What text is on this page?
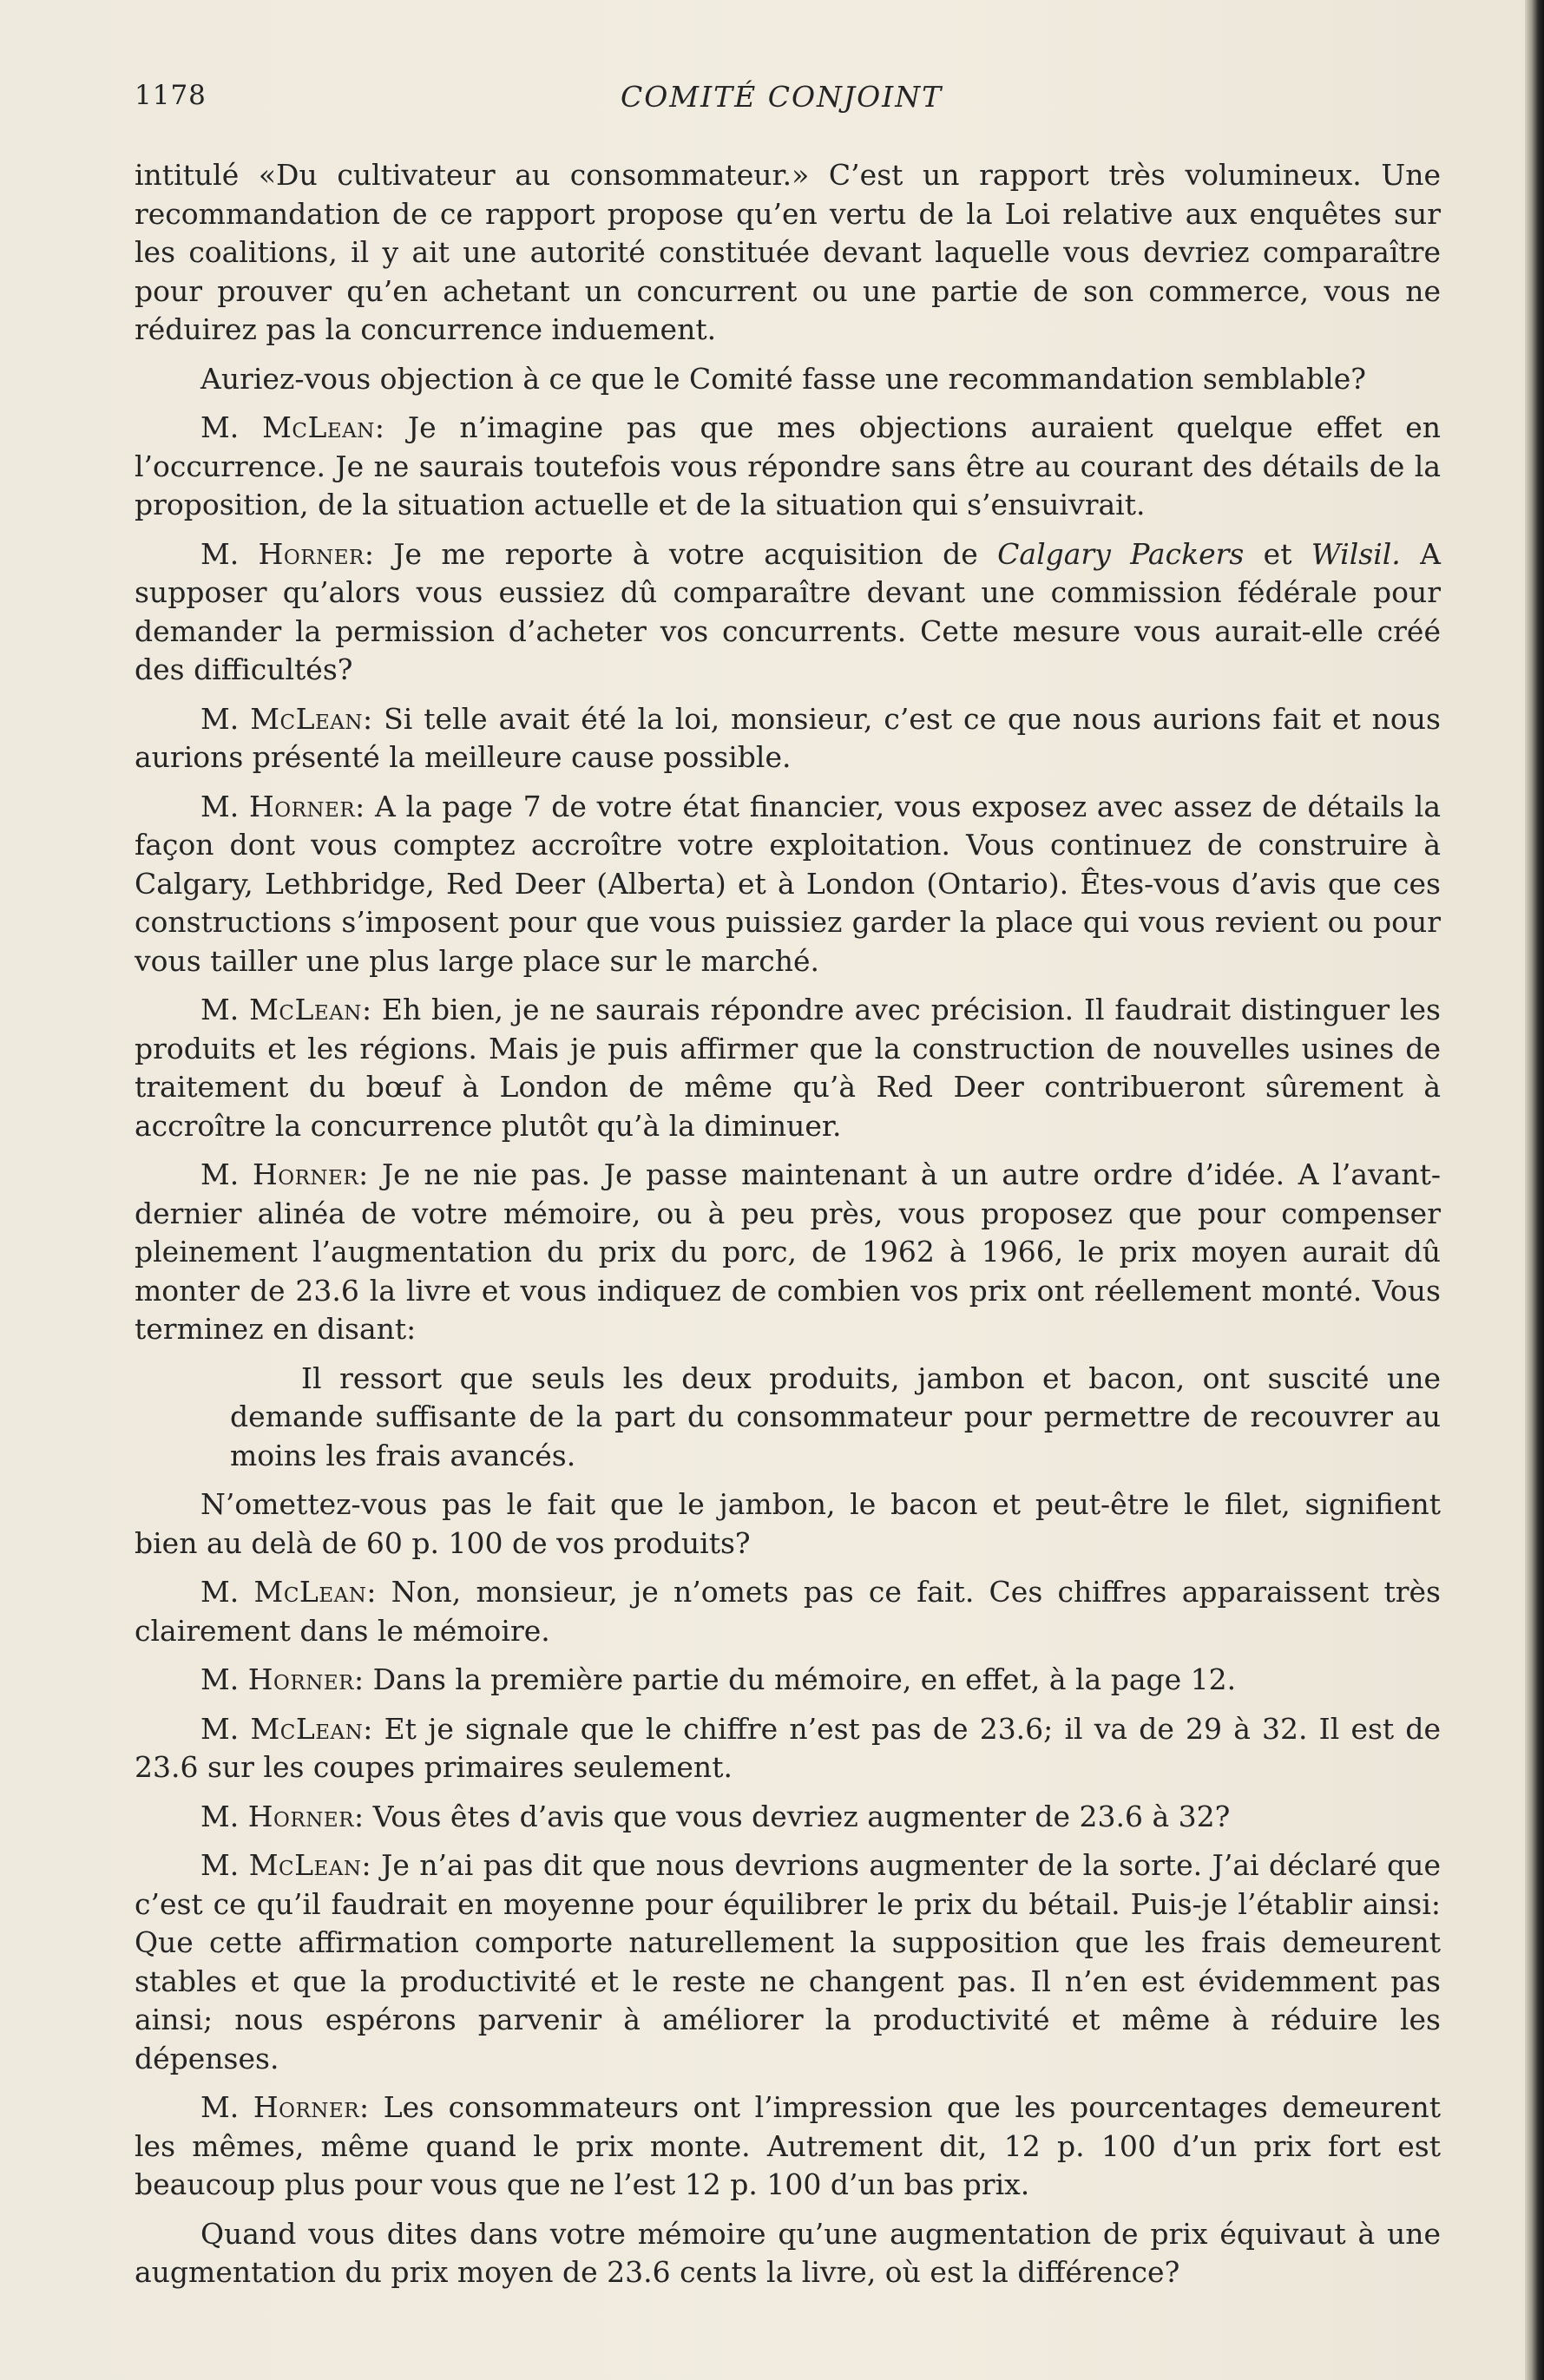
1178	COMITÉ CONJOINT

intitulé «Du cultivateur au consommateur.» C’est un rapport très volumineux. Une recommandation de ce rapport propose qu’en vertu de la Loi relative aux enquêtes sur les coalitions, il y ait une autorité constituée devant laquelle vous devriez comparaître pour prouver qu’en achetant un concurrent ou une partie de son commerce, vous ne réduirez pas la concurrence induement.

Auriez-vous objection à ce que le Comité fasse une recommandation semblable?

M. McLean: Je n’imagine pas que mes objections auraient quelque effet en l’occurrence. Je ne saurais toutefois vous répondre sans être au courant des détails de la proposition, de la situation actuelle et de la situation qui s’ensuivrait.

M. Horner: Je me reporte à votre acquisition de Calgary Packers et Wilsil. A supposer qu’alors vous eussiez dû comparaître devant une commission fédérale pour demander la permission d’acheter vos concurrents. Cette mesure vous aurait-elle créé des difficultés?

M. McLean: Si telle avait été la loi, monsieur, c’est ce que nous aurions fait et nous aurions présenté la meilleure cause possible.

M. Horner: A la page 7 de votre état financier, vous exposez avec assez de détails la façon dont vous comptez accroître votre exploitation. Vous continuez de construire à Calgary, Lethbridge, Red Deer (Alberta) et à London (Ontario). Êtes-vous d’avis que ces constructions s’imposent pour que vous puissiez garder la place qui vous revient ou pour vous tailler une plus large place sur le marché.

M. McLean: Eh bien, je ne saurais répondre avec précision. Il faudrait distinguer les produits et les régions. Mais je puis affirmer que la construction de nouvelles usines de traitement du bœuf à London de même qu’à Red Deer contribueront sûrement à accroître la concurrence plutôt qu’à la diminuer.

M. Horner: Je ne nie pas. Je passe maintenant à un autre ordre d’idée. A l’avant-dernier alinéa de votre mémoire, ou à peu près, vous proposez que pour compenser pleinement l’augmentation du prix du porc, de 1962 à 1966, le prix moyen aurait dû monter de 23.6 la livre et vous indiquez de combien vos prix ont réellement monté. Vous terminez en disant:

Il ressort que seuls les deux produits, jambon et bacon, ont suscité une demande suffisante de la part du consommateur pour permettre de recouvrer au moins les frais avancés.

N’omettez-vous pas le fait que le jambon, le bacon et peut-être le filet, signifient bien au delà de 60 p. 100 de vos produits?

M. McLean: Non, monsieur, je n’omets pas ce fait. Ces chiffres apparaissent très clairement dans le mémoire.

M. Horner: Dans la première partie du mémoire, en effet, à la page 12.

M. McLean: Et je signale que le chiffre n’est pas de 23.6; il va de 29 à 32. Il est de 23.6 sur les coupes primaires seulement.

M. Horner: Vous êtes d’avis que vous devriez augmenter de 23.6 à 32?

M. McLean: Je n’ai pas dit que nous devrions augmenter de la sorte. J’ai déclaré que c’est ce qu’il faudrait en moyenne pour équilibrer le prix du bétail. Puis-je l’établir ainsi: Que cette affirmation comporte naturellement la supposition que les frais demeurent stables et que la productivité et le reste ne changent pas. Il n’en est évidemment pas ainsi; nous espérons parvenir à améliorer la productivité et même à réduire les dépenses.

M. Horner: Les consommateurs ont l’impression que les pourcentages demeurent les mêmes, même quand le prix monte. Autrement dit, 12 p. 100 d’un prix fort est beaucoup plus pour vous que ne l’est 12 p. 100 d’un bas prix.

Quand vous dites dans votre mémoire qu’une augmentation de prix équivaut à une augmentation du prix moyen de 23.6 cents la livre, où est la différence?
